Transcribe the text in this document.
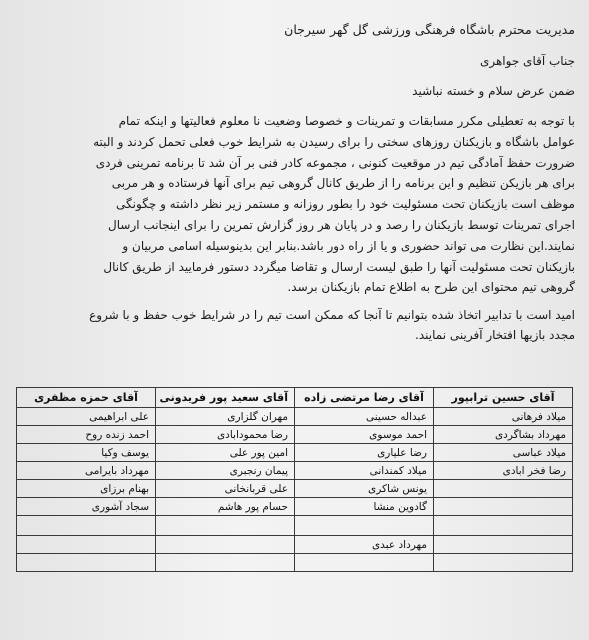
مدیریت محترم باشگاه فرهنگی ورزشی گل گهر سیرجان
جناب آقای جواهری
ضمن عرض سلام و خسته نباشید
با توجه به تعطیلی مکرر مسابقات و تمرینات و خصوصا وضعیت نا معلوم فعالیتها و اینکه تمام
عوامل باشگاه و بازیکنان روزهای سختی را برای رسیدن به شرایط خوب فعلی تحمل کردند و البته
ضرورت حفظ آمادگی تیم در موقعیت کنونی ، مجموعه کادر فنی بر آن شد تا برنامه تمرینی فردی
برای هر بازیکن تنظیم و این برنامه را از طریق کانال گروهی تیم برای آنها فرستاده و هر مربی
موظف است بازیکنان تحت مسئولیت خود را بطور روزانه و مستمر زیر نظر داشته و چگونگی
اجرای تمرینات توسط بازیکنان را رصد و در پایان هر روز گزارش تمرین را برای اینجانب ارسال
نمایند.این نظارت می تواند حضوری و یا از راه دور باشد.بنابر این بدینوسیله اسامی مربیان و
بازیکنان تحت مسئولیت آنها را طبق لیست ارسال و تقاضا میگردد دستور فرمایید از طریق کانال
گروهی تیم محتوای این طرح به اطلاع تمام بازیکنان برسد.
امید است با تدابیر اتخاذ شده بتوانیم تا آنجا که ممکن است تیم را در شرایط خوب حفظ و با شروع
مجدد بازیها افتخار آفرینی نمایند.
آقای حسین ترابپور	آقای رضا مرتضی زاده	آقای سعید پور فریدونی	آقای حمزه مظفری
میلاد فرهانی	عبداله حسینی	مهران گلزاری	علی ابراهیمی
مهرداد بشاگردی	احمد موسوی	رضا محمودابادی	احمد زنده روح
میلاد عباسی	رضا علیاری	امین پور علی	یوسف وکیا
رضا فخر ابادی	میلاد کمندانی	پیمان رنجبری	مهرداد بایرامی
	یونس شاکری	علی قربانخانی	بهنام برزای
	گادوین منشا	حسام پور هاشم	سجاد آشوری

	مهرداد عبدی		
